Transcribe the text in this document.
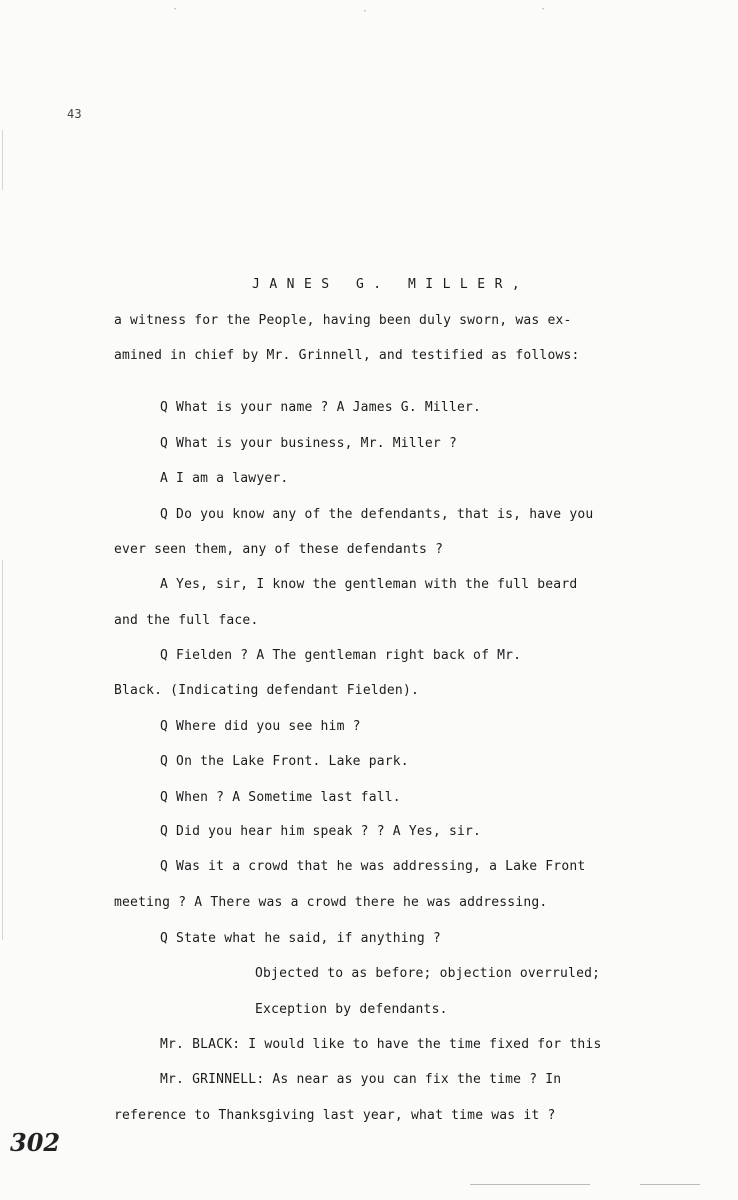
·	·	·
43
JANES G. MILLER,
a witness for the People, having been duly sworn, was ex-
amined in chief by Mr. Grinnell, and testified as follows:
Q What is your name ? A James G. Miller.
Q What is your business, Mr. Miller ?
A I am a lawyer.
Q Do you know any of the defendants, that is, have you
ever seen them, any of these defendants ?
A Yes, sir, I know the gentleman with the full beard
and the full face.
Q Fielden ? A The gentleman right back of Mr.
Black. (Indicating defendant Fielden).
Q Where did you see him ?
Q On the Lake Front. Lake park.
Q When ? A Sometime last fall.
Q Did you hear him speak ? ? A Yes, sir.
Q Was it a crowd that he was addressing, a Lake Front
meeting ? A There was a crowd there he was addressing.
Q State what he said, if anything ?
Objected to as before; objection overruled;
Exception by defendants.
Mr. BLACK: I would like to have the time fixed for this
Mr. GRINNELL: As near as you can fix the time ? In
reference to Thanksgiving last year, what time was it ?
302
